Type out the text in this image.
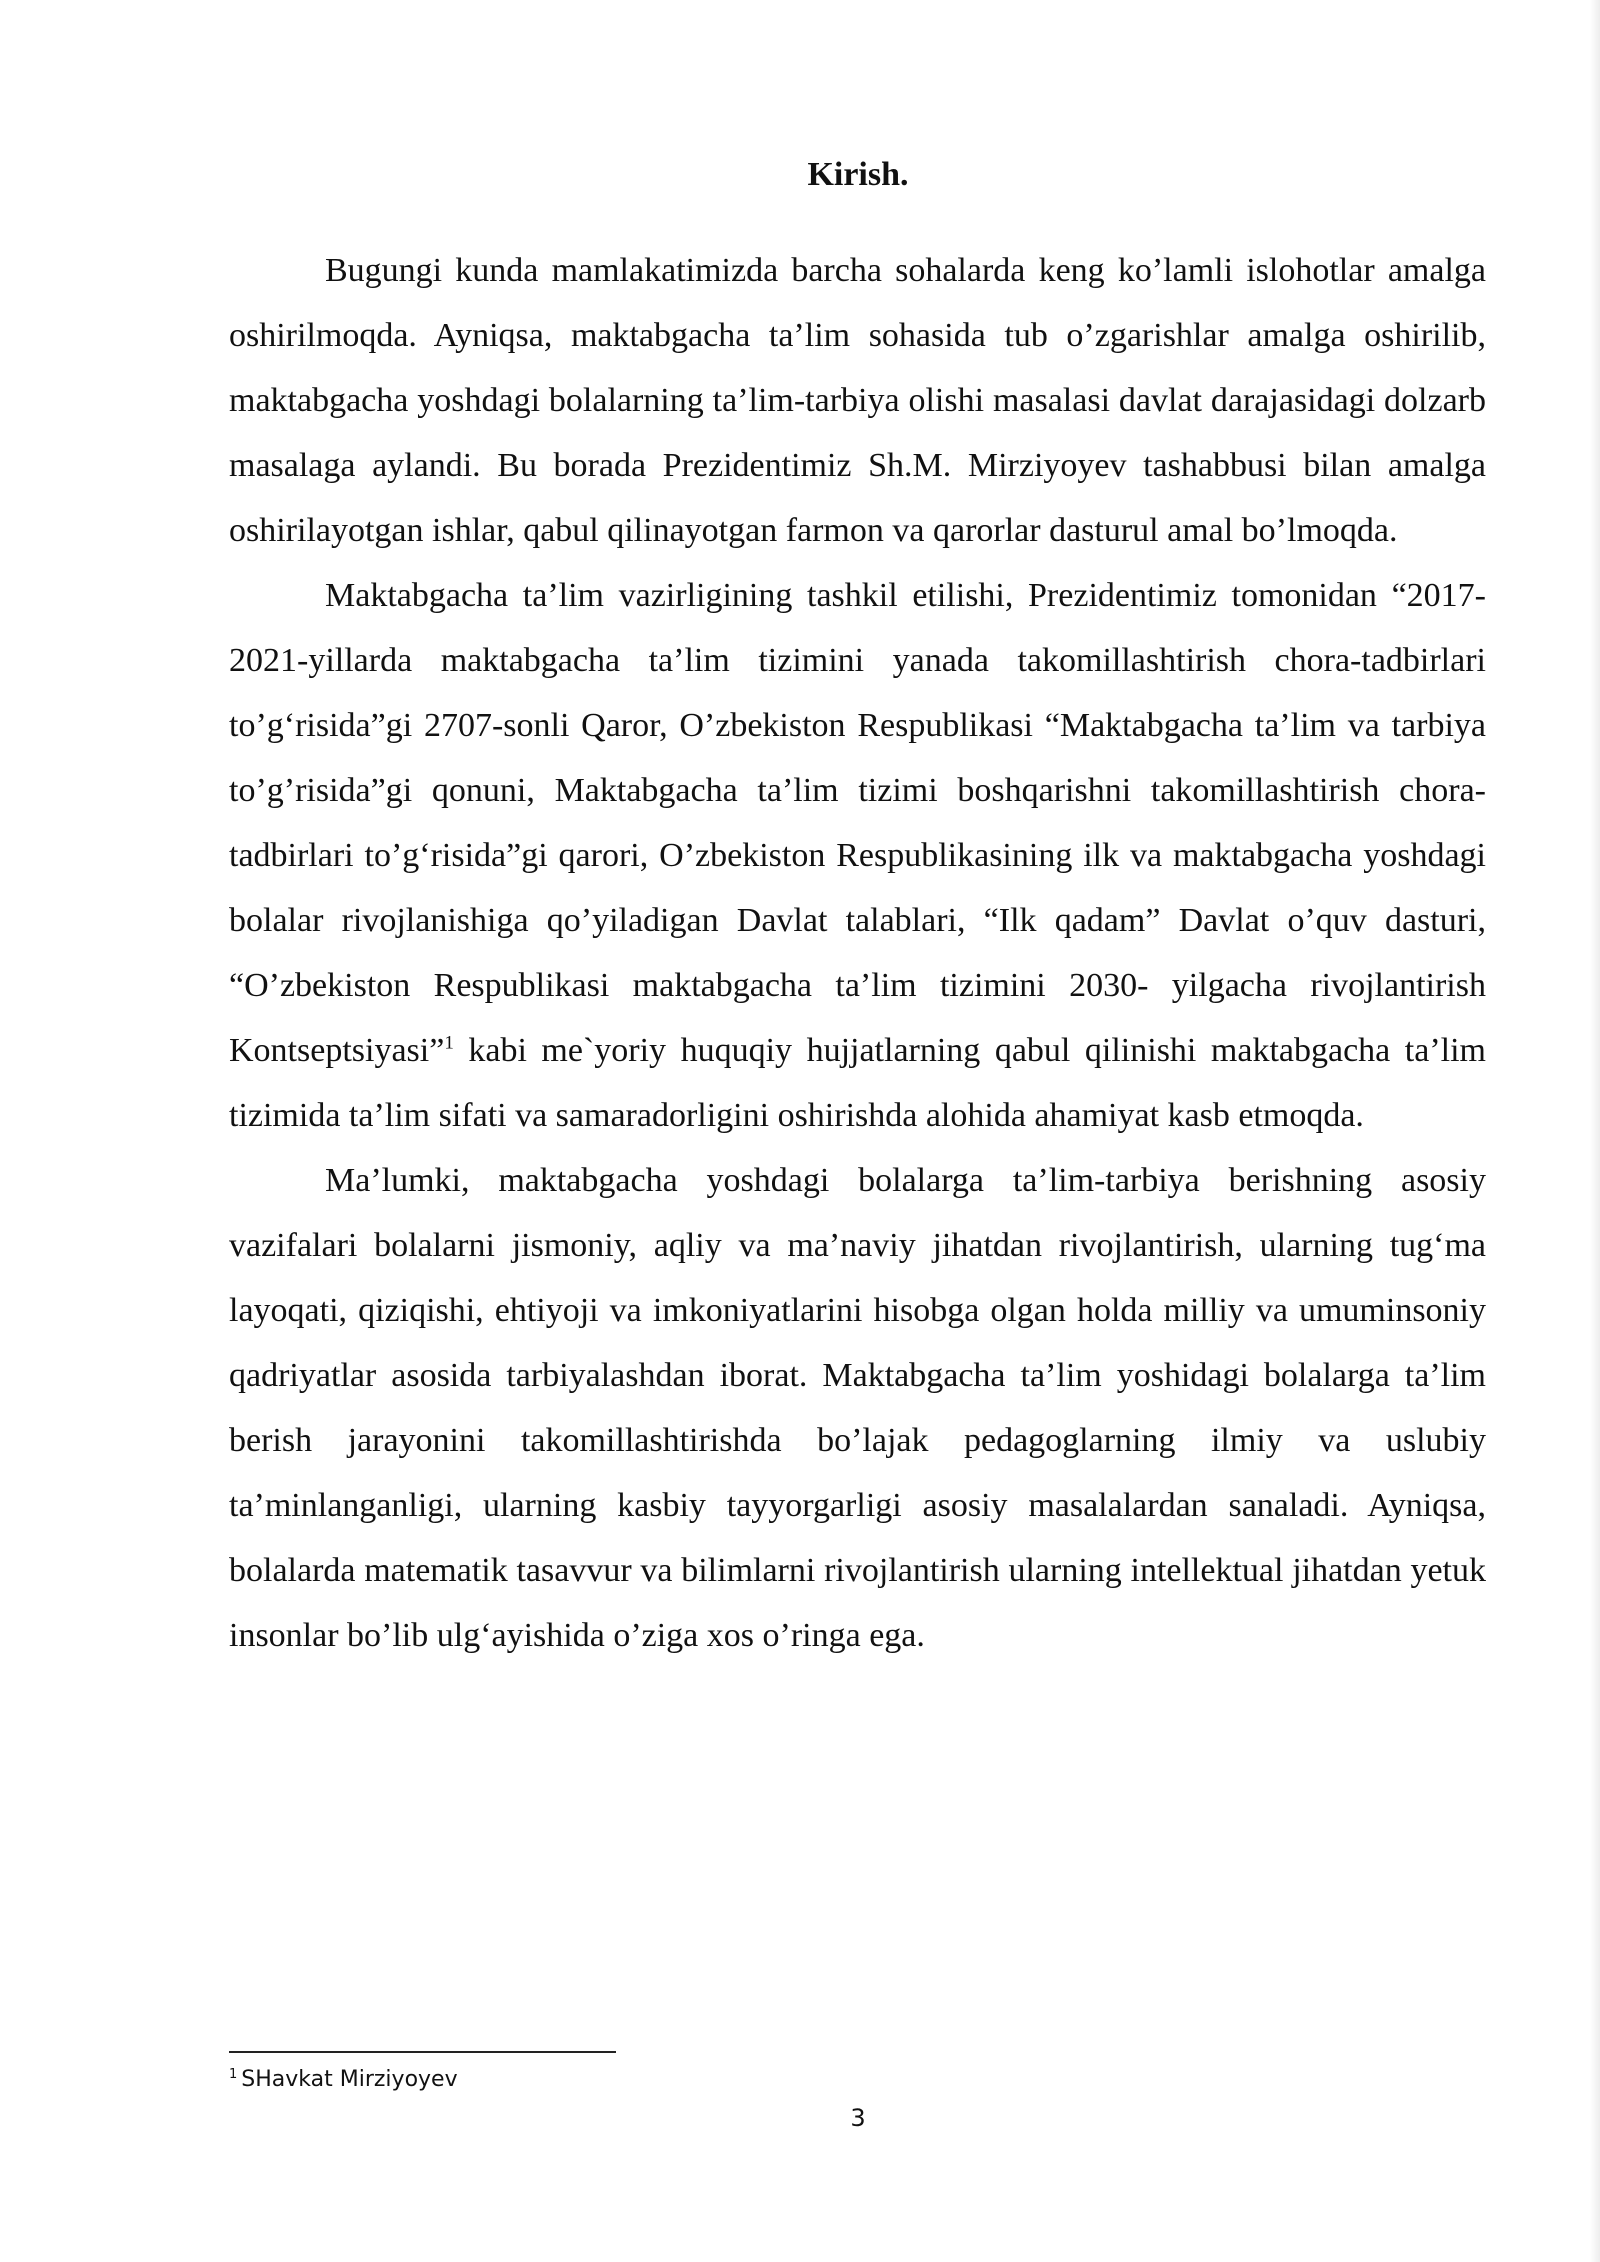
Kirish.

Bugungi kunda mamlakatimizda barcha sohalarda keng ko’lamli islohotlar amalga oshirilmoqda. Ayniqsa, maktabgacha ta’lim sohasida tub o’zgarishlar amalga oshirilib, maktabgacha yoshdagi bolalarning ta’lim-tarbiya olishi masalasi davlat darajasidagi dolzarb masalaga aylandi. Bu borada Prezidentimiz Sh.M. Mirziyoyev tashabbusi bilan amalga oshirilayotgan ishlar, qabul qilinayotgan farmon va qarorlar dasturul amal bo’lmoqda.

Maktabgacha ta’lim vazirligining tashkil etilishi, Prezidentimiz tomonidan “2017-2021-yillarda maktabgacha ta’lim tizimini yanada takomillashtirish chora-tadbirlari to’g‘risida”gi 2707-sonli Qaror, O’zbekiston Respublikasi “Maktabgacha ta’lim va tarbiya to’g’risida”gi qonuni, Maktabgacha ta’lim tizimi boshqarishni takomillashtirish chora-tadbirlari to’g‘risida”gi qarori, O’zbekiston Respublikasining ilk va maktabgacha yoshdagi bolalar rivojlanishiga qo’yiladigan Davlat talablari, “Ilk qadam” Davlat o’quv dasturi, “O’zbekiston Respublikasi maktabgacha ta’lim tizimini 2030- yilgacha rivojlantirish Kontseptsiyasi”$^1$ kabi me`yoriy huquqiy hujjatlarning qabul qilinishi maktabgacha ta’lim tizimida ta’lim sifati va samaradorligini oshirishda alohida ahamiyat kasb etmoqda.

Ma’lumki, maktabgacha yoshdagi bolalarga ta’lim-tarbiya berishning asosiy vazifalari bolalarni jismoniy, aqliy va ma’naviy jihatdan rivojlantirish, ularning tug‘ma layoqati, qiziqishi, ehtiyoji va imkoniyatlarini hisobga olgan holda milliy va umuminsoniy qadriyatlar asosida tarbiyalashdan iborat. Maktabgacha ta’lim yoshidagi bolalarga ta’lim berish jarayonini takomillashtirishda bo’lajak pedagoglarning ilmiy va uslubiy ta’minlanganligi, ularning kasbiy tayyorgarligi asosiy masalalardan sanaladi. Ayniqsa, bolalarda matematik tasavvur va bilimlarni rivojlantirish ularning intellektual jihatdan yetuk insonlar bo’lib ulg‘ayishida o’ziga xos o’ringa ega.

$^1$ SHavkat Mirziyoyev
3
